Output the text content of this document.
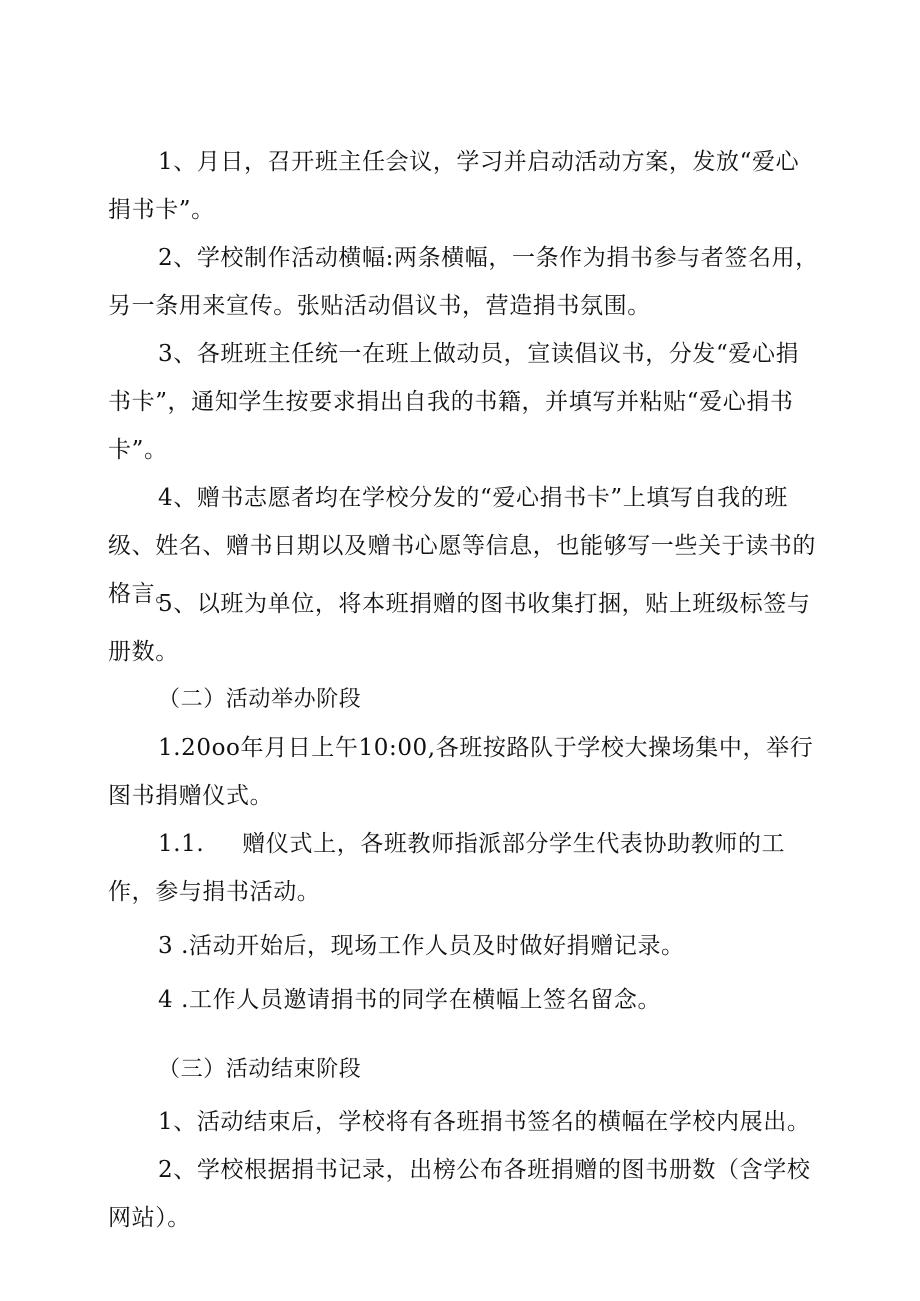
1、月日，召开班主任会议，学习并启动活动方案，发放“爱心捐书卡”。

2、学校制作活动横幅:两条横幅，一条作为捐书参与者签名用，另一条用来宣传。张贴活动倡议书，营造捐书氛围。

3、各班班主任统一在班上做动员，宣读倡议书，分发“爱心捐书卡”，通知学生按要求捐出自我的书籍，并填写并粘贴“爱心捐书卡”。

4、赠书志愿者均在学校分发的“爱心捐书卡”上填写自我的班级、姓名、赠书日期以及赠书心愿等信息，也能够写一些关于读书的格言。

5、以班为单位，将本班捐赠的图书收集打捆，贴上班级标签与册数。

（二）活动举办阶段

1.20oo年月日上午10:00,各班按路队于学校大操场集中，举行图书捐赠仪式。

1.1. 赠仪式上，各班教师指派部分学生代表协助教师的工作，参与捐书活动。

3 .活动开始后，现场工作人员及时做好捐赠记录。

4 .工作人员邀请捐书的同学在横幅上签名留念。

（三）活动结束阶段

1、活动结束后，学校将有各班捐书签名的横幅在学校内展出。

2、学校根据捐书记录，出榜公布各班捐赠的图书册数（含学校网站）。
